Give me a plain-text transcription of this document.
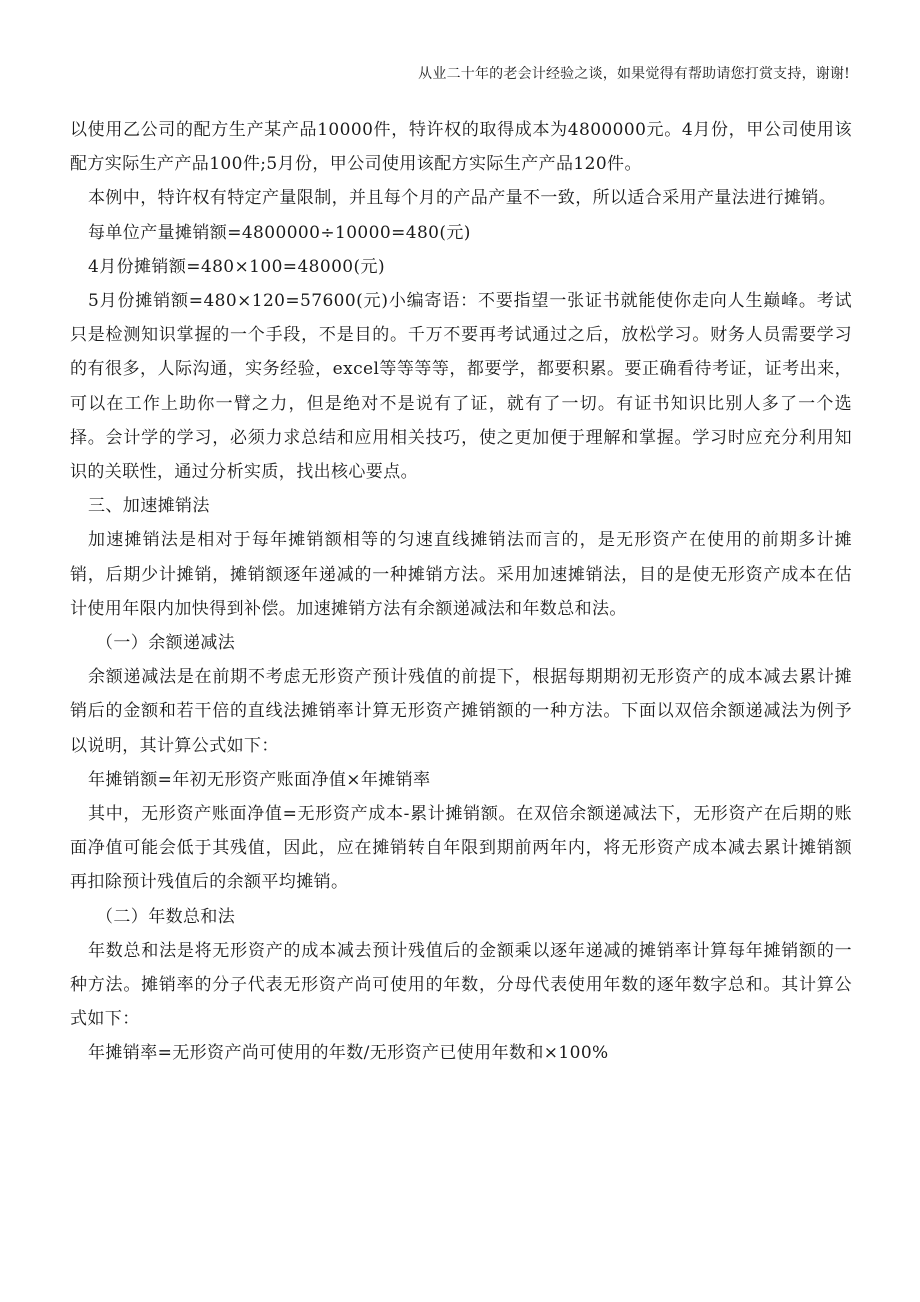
从业二十年的老会计经验之谈，如果觉得有帮助请您打赏支持，谢谢!

以使用乙公司的配方生产某产品10000件，特许权的取得成本为4800000元。4月份，甲公司使用该配方实际生产产品100件;5月份，甲公司使用该配方实际生产产品120件。

本例中，特许权有特定产量限制，并且每个月的产品产量不一致，所以适合采用产量法进行摊销。

每单位产量摊销额=4800000÷10000=480(元)

4月份摊销额=480×100=48000(元)

5月份摊销额=480×120=57600(元)小编寄语：不要指望一张证书就能使你走向人生巅峰。考试只是检测知识掌握的一个手段，不是目的。千万不要再考试通过之后，放松学习。财务人员需要学习的有很多，人际沟通，实务经验，excel等等等等，都要学，都要积累。要正确看待考证，证考出来，可以在工作上助你一臂之力，但是绝对不是说有了证，就有了一切。有证书知识比别人多了一个选择。会计学的学习，必须力求总结和应用相关技巧，使之更加便于理解和掌握。学习时应充分利用知识的关联性，通过分析实质，找出核心要点。

三、加速摊销法

加速摊销法是相对于每年摊销额相等的匀速直线摊销法而言的，是无形资产在使用的前期多计摊销，后期少计摊销，摊销额逐年递减的一种摊销方法。采用加速摊销法，目的是使无形资产成本在估计使用年限内加快得到补偿。加速摊销方法有余额递减法和年数总和法。

（一）余额递减法

余额递减法是在前期不考虑无形资产预计残值的前提下，根据每期期初无形资产的成本减去累计摊销后的金额和若干倍的直线法摊销率计算无形资产摊销额的一种方法。下面以双倍余额递减法为例予以说明，其计算公式如下：

年摊销额=年初无形资产账面净值×年摊销率

其中，无形资产账面净值=无形资产成本-累计摊销额。在双倍余额递减法下，无形资产在后期的账面净值可能会低于其残值，因此，应在摊销转自年限到期前两年内，将无形资产成本减去累计摊销额再扣除预计残值后的余额平均摊销。

（二）年数总和法

年数总和法是将无形资产的成本减去预计残值后的金额乘以逐年递减的摊销率计算每年摊销额的一种方法。摊销率的分子代表无形资产尚可使用的年数，分母代表使用年数的逐年数字总和。其计算公式如下：

年摊销率=无形资产尚可使用的年数/无形资产已使用年数和×100%
